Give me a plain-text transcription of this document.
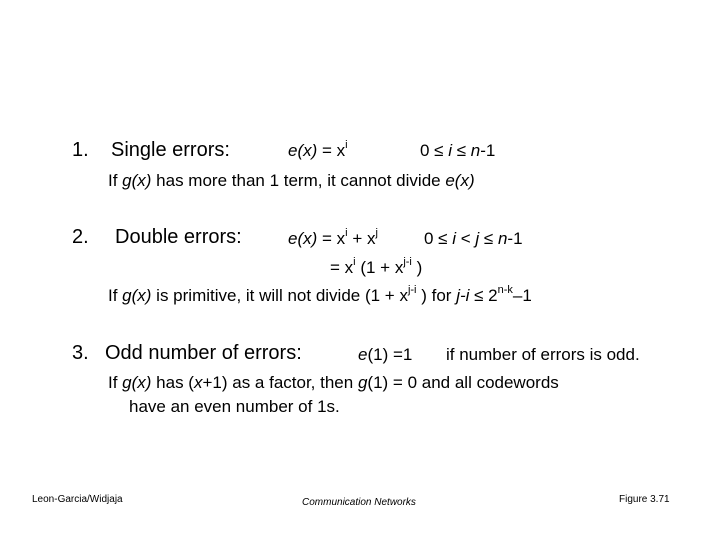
1. Single errors:	$e(x) = x^i$	0 ≤ i ≤ n-1
If g(x) has more than 1 term, it cannot divide e(x)
2. Double errors:	$e(x) = x^i + x^j$	0 ≤ i < j ≤ n-1
= $x^i$ ($1 + x^{j-i}$ )
If g(x) is primitive, it will not divide ($1 + x^{j-i}$ ) for $j-i \le 2^{n-k}-1$
3. Odd number of errors:	e(1) =1 if number of errors is odd.
If g(x) has (x+1) as a factor, then g(1) = 0 and all codewords
have an even number of 1s.
Leon-Garcia/Widjaja	Communication Networks	Figure 3.71
